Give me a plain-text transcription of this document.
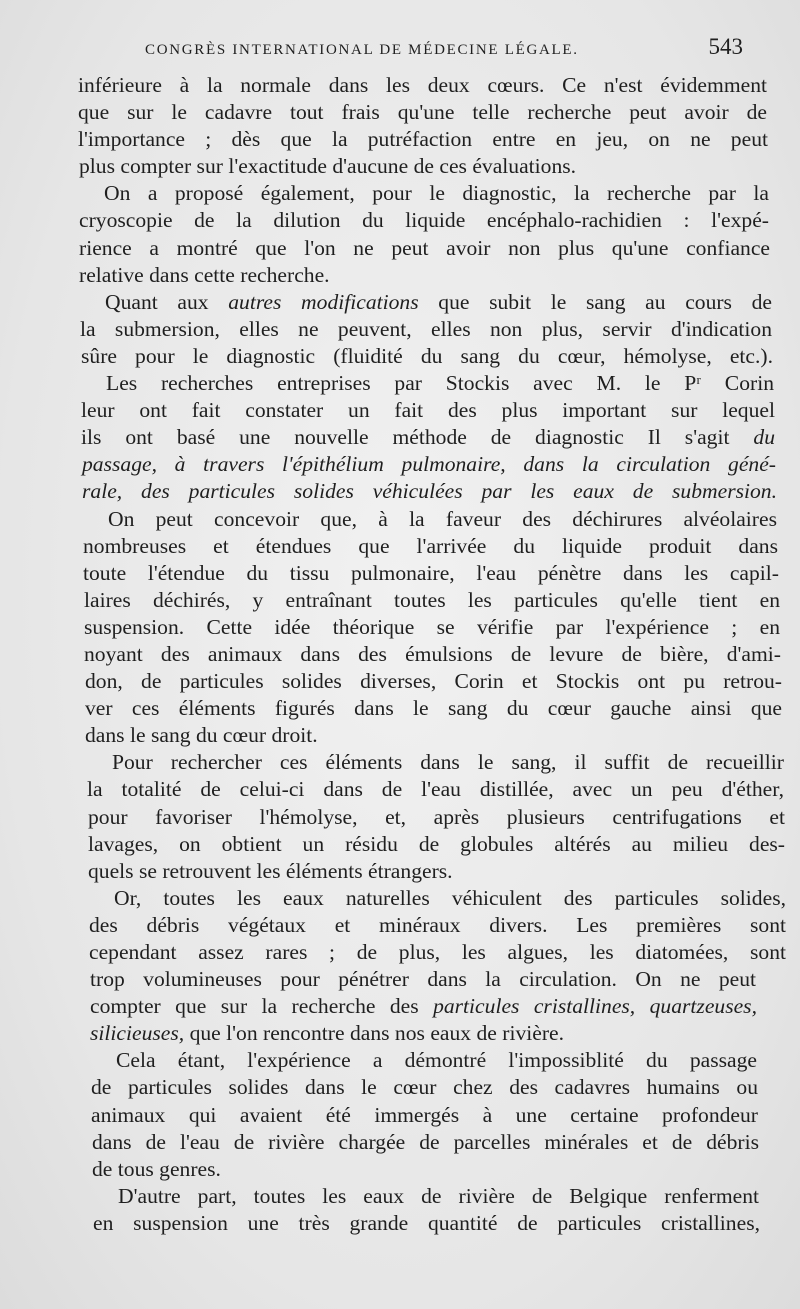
CONGRÈS INTERNATIONAL DE MÉDECINE LÉGALE.	543
inférieure à la normale dans les deux cœurs. Ce n'est évidemment
que sur le cadavre tout frais qu'une telle recherche peut avoir de
l'importance ; dès que la putréfaction entre en jeu, on ne peut
plus compter sur l'exactitude d'aucune de ces évaluations.
On a proposé également, pour le diagnostic, la recherche par la
cryoscopie de la dilution du liquide encéphalo-rachidien : l'expé-
rience a montré que l'on ne peut avoir non plus qu'une confiance
relative dans cette recherche.
Quant aux autres modifications que subit le sang au cours de
la submersion, elles ne peuvent, elles non plus, servir d'indication
sûre pour le diagnostic (fluidité du sang du cœur, hémolyse, etc.).
Les recherches entreprises par Stockis avec M. le Pʳ Corin
leur ont fait constater un fait des plus important sur lequel
ils ont basé une nouvelle méthode de diagnostic Il s'agit du
passage, à travers l'épithélium pulmonaire, dans la circulation géné-
rale, des particules solides véhiculées par les eaux de submersion.
On peut concevoir que, à la faveur des déchirures alvéolaires
nombreuses et étendues que l'arrivée du liquide produit dans
toute l'étendue du tissu pulmonaire, l'eau pénètre dans les capil-
laires déchirés, y entraînant toutes les particules qu'elle tient en
suspension. Cette idée théorique se vérifie par l'expérience ; en
noyant des animaux dans des émulsions de levure de bière, d'ami-
don, de particules solides diverses, Corin et Stockis ont pu retrou-
ver ces éléments figurés dans le sang du cœur gauche ainsi que
dans le sang du cœur droit.
Pour rechercher ces éléments dans le sang, il suffit de recueillir
la totalité de celui-ci dans de l'eau distillée, avec un peu d'éther,
pour favoriser l'hémolyse, et, après plusieurs centrifugations et
lavages, on obtient un résidu de globules altérés au milieu des-
quels se retrouvent les éléments étrangers.
Or, toutes les eaux naturelles véhiculent des particules solides,
des débris végétaux et minéraux divers. Les premières sont
cependant assez rares ; de plus, les algues, les diatomées, sont
trop volumineuses pour pénétrer dans la circulation. On ne peut
compter que sur la recherche des particules cristallines, quartzeuses,
silicieuses, que l'on rencontre dans nos eaux de rivière.
Cela étant, l'expérience a démontré l'impossiblité du passage
de particules solides dans le cœur chez des cadavres humains ou
animaux qui avaient été immergés à une certaine profondeur
dans de l'eau de rivière chargée de parcelles minérales et de débris
de tous genres.
D'autre part, toutes les eaux de rivière de Belgique renferment
en suspension une très grande quantité de particules cristallines,
